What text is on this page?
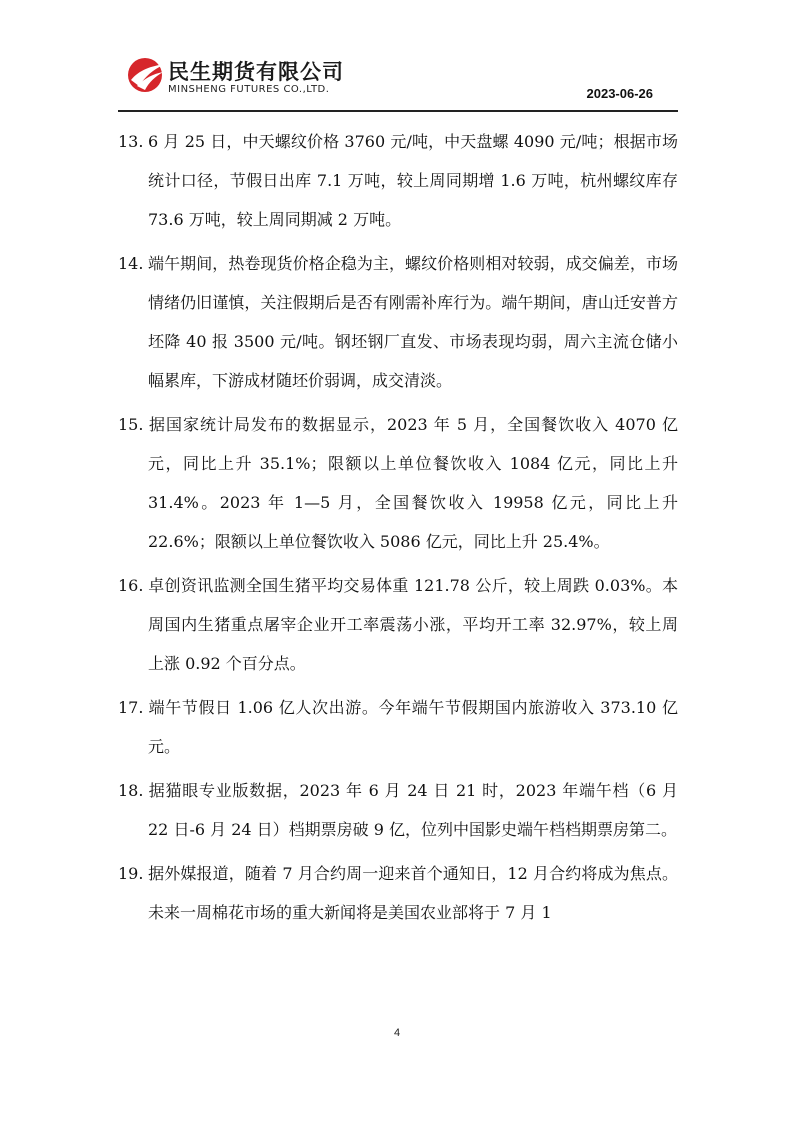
民生期货有限公司
MINSHENG FUTURES CO.,LTD.	2023-06-26
13. 6 月 25 日，中天螺纹价格 3760 元/吨，中天盘螺 4090 元/吨；根据市场统计口径，节假日出库 7.1 万吨，较上周同期增 1.6 万吨，杭州螺纹库存 73.6 万吨，较上周同期减 2 万吨。
14. 端午期间，热卷现货价格企稳为主，螺纹价格则相对较弱，成交偏差，市场情绪仍旧谨慎，关注假期后是否有刚需补库行为。端午期间，唐山迁安普方坯降 40 报 3500 元/吨。钢坯钢厂直发、市场表现均弱，周六主流仓储小幅累库，下游成材随坯价弱调，成交清淡。
15. 据国家统计局发布的数据显示，2023 年 5 月，全国餐饮收入 4070 亿元，同比上升 35.1%；限额以上单位餐饮收入 1084 亿元，同比上升 31.4%。2023 年 1—5 月，全国餐饮收入 19958 亿元，同比上升 22.6%；限额以上单位餐饮收入 5086 亿元，同比上升 25.4%。
16. 卓创资讯监测全国生猪平均交易体重 121.78 公斤，较上周跌 0.03%。本周国内生猪重点屠宰企业开工率震荡小涨，平均开工率 32.97%，较上周上涨 0.92 个百分点。
17. 端午节假日 1.06 亿人次出游。今年端午节假期国内旅游收入 373.10 亿元。
18. 据猫眼专业版数据，2023 年 6 月 24 日 21 时，2023 年端午档（6 月 22 日-6 月 24 日）档期票房破 9 亿，位列中国影史端午档档期票房第二。
19. 据外媒报道，随着 7 月合约周一迎来首个通知日，12 月合约将成为焦点。未来一周棉花市场的重大新闻将是美国农业部将于 7 月 1
4
